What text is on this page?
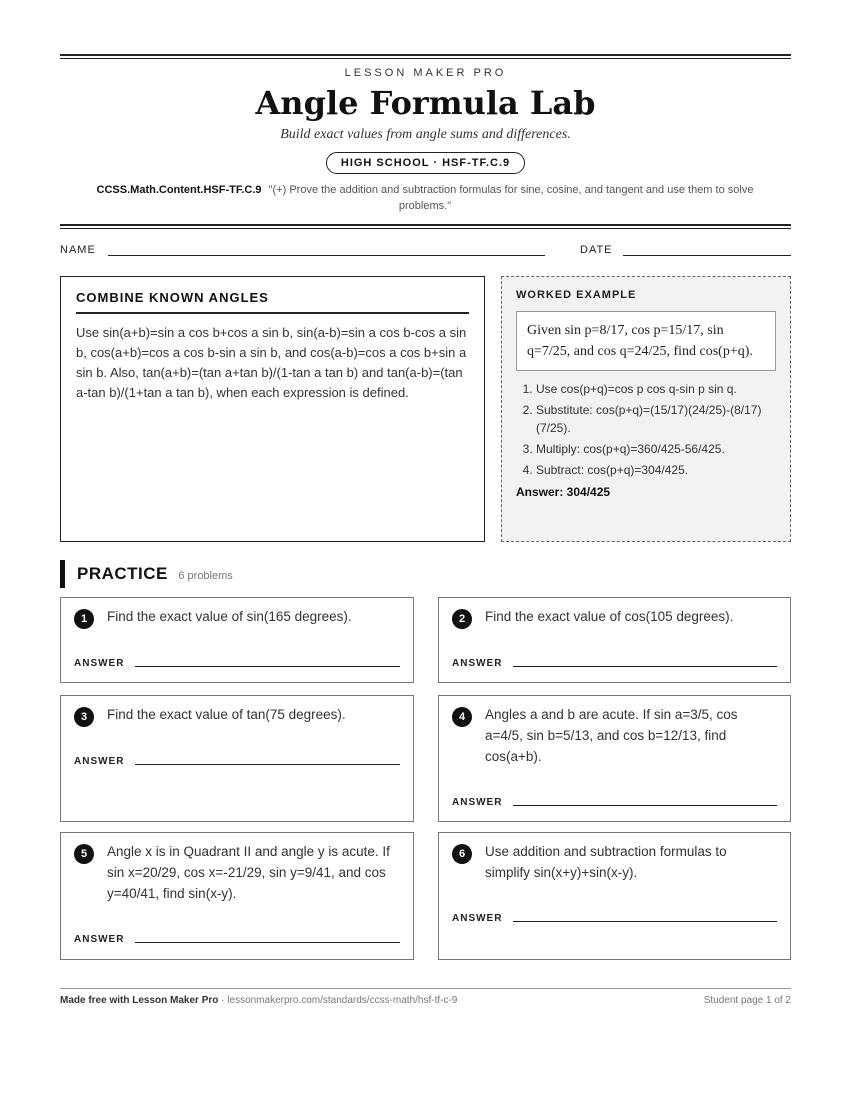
LESSON MAKER PRO
Angle Formula Lab
Build exact values from angle sums and differences.
HIGH SCHOOL · HSF-TF.C.9
CCSS.Math.Content.HSF-TF.C.9 "(+) Prove the addition and subtraction formulas for sine, cosine, and tangent and use them to solve problems."
NAME	DATE
COMBINE KNOWN ANGLES

Use sin(a+b)=sin a cos b+cos a sin b, sin(a-b)=sin a cos b-cos a sin b, cos(a+b)=cos a cos b-sin a sin b, and cos(a-b)=cos a cos b+sin a sin b. Also, tan(a+b)=(tan a+tan b)/(1-tan a tan b) and tan(a-b)=(tan a-tan b)/(1+tan a tan b), when each expression is defined.

WORKED EXAMPLE
Given sin p=8/17, cos p=15/17, sin q=7/25, and cos q=24/25, find cos(p+q).
1. Use cos(p+q)=cos p cos q-sin p sin q.
2. Substitute: cos(p+q)=(15/17)(24/25)-(8/17)(7/25).
3. Multiply: cos(p+q)=360/425-56/425.
4. Subtract: cos(p+q)=304/425.
Answer: 304/425
PRACTICE 6 problems
1	Find the exact value of sin(165 degrees).
ANSWER
2	Find the exact value of cos(105 degrees).
ANSWER
3	Find the exact value of tan(75 degrees).
ANSWER
4	Angles a and b are acute. If sin a=3/5, cos a=4/5, sin b=5/13, and cos b=12/13, find cos(a+b).
ANSWER
5	Angle x is in Quadrant II and angle y is acute. If sin x=20/29, cos x=-21/29, sin y=9/41, and cos y=40/41, find sin(x-y).
ANSWER
6	Use addition and subtraction formulas to simplify sin(x+y)+sin(x-y).
ANSWER
Made free with Lesson Maker Pro · lessonmakerpro.com/standards/ccss-math/hsf-tf-c-9	Student page 1 of 2
